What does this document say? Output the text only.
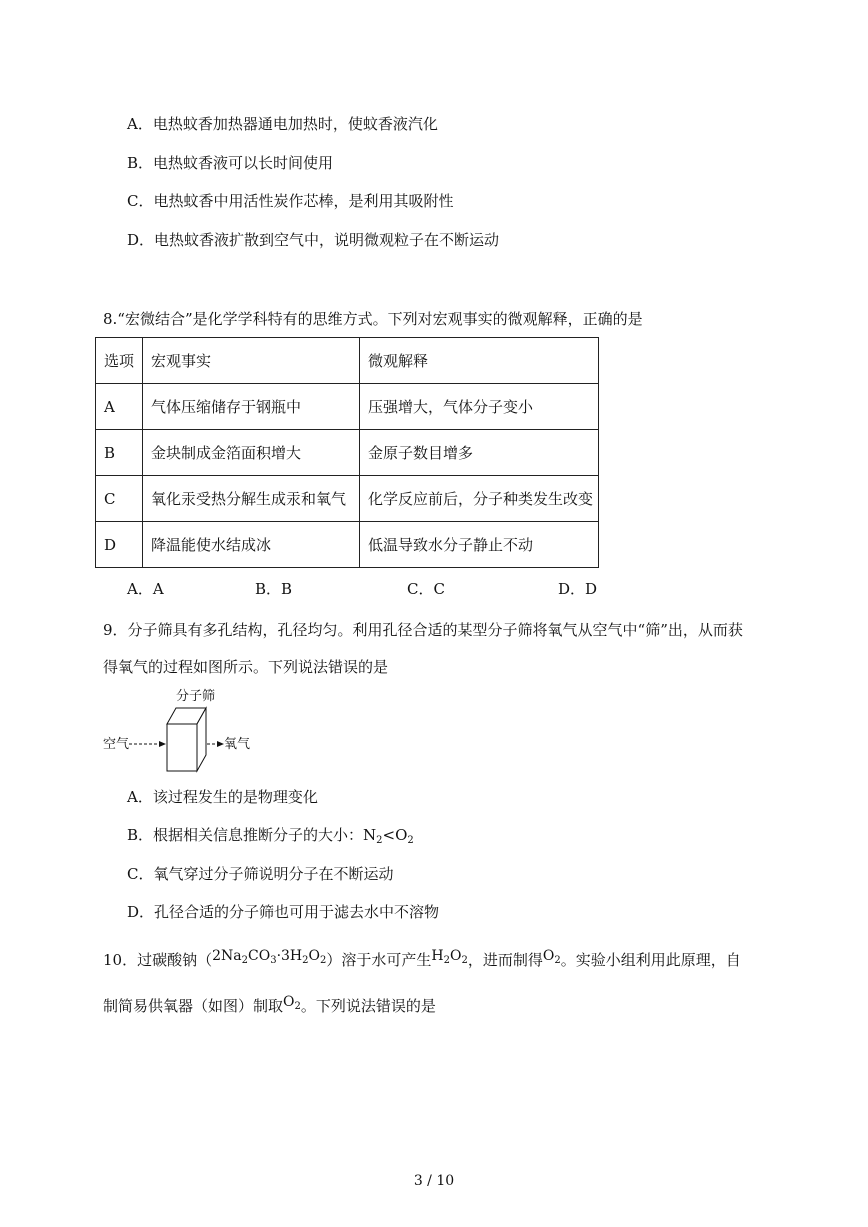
A．电热蚊香加热器通电加热时，使蚊香液汽化
B．电热蚊香液可以长时间使用
C．电热蚊香中用活性炭作芯棒，是利用其吸附性
D．电热蚊香液扩散到空气中，说明微观粒子在不断运动
8.“宏微结合”是化学学科特有的思维方式。下列对宏观事实的微观解释，正确的是
选项	宏观事实	微观解释
A	气体压缩储存于钢瓶中	压强增大，气体分子变小
B	金块制成金箔面积增大	金原子数目增多
C	氧化汞受热分解生成汞和氧气	化学反应前后，分子种类发生改变
D	降温能使水结成冰	低温导致水分子静止不动
A．A	B．B	C．C	D．D
9．分子筛具有多孔结构，孔径均匀。利用孔径合适的某型分子筛将氧气从空气中“筛”出，从而获
得氧气的过程如图所示。下列说法错误的是
分子筛
空气	氧气
A．该过程发生的是物理变化
B．根据相关信息推断分子的大小：$N_2<O_2$
C．氧气穿过分子筛说明分子在不断运动
D．孔径合适的分子筛也可用于滤去水中不溶物
10．过碳酸钠$(2Na_2CO_3\cdot 3H_2O_2)$溶于水可产生$H_2O_2$，进而制得$O_2$。实验小组利用此原理，自
制简易供氧器（如图）制取$O_2$。下列说法错误的是
3 / 10
